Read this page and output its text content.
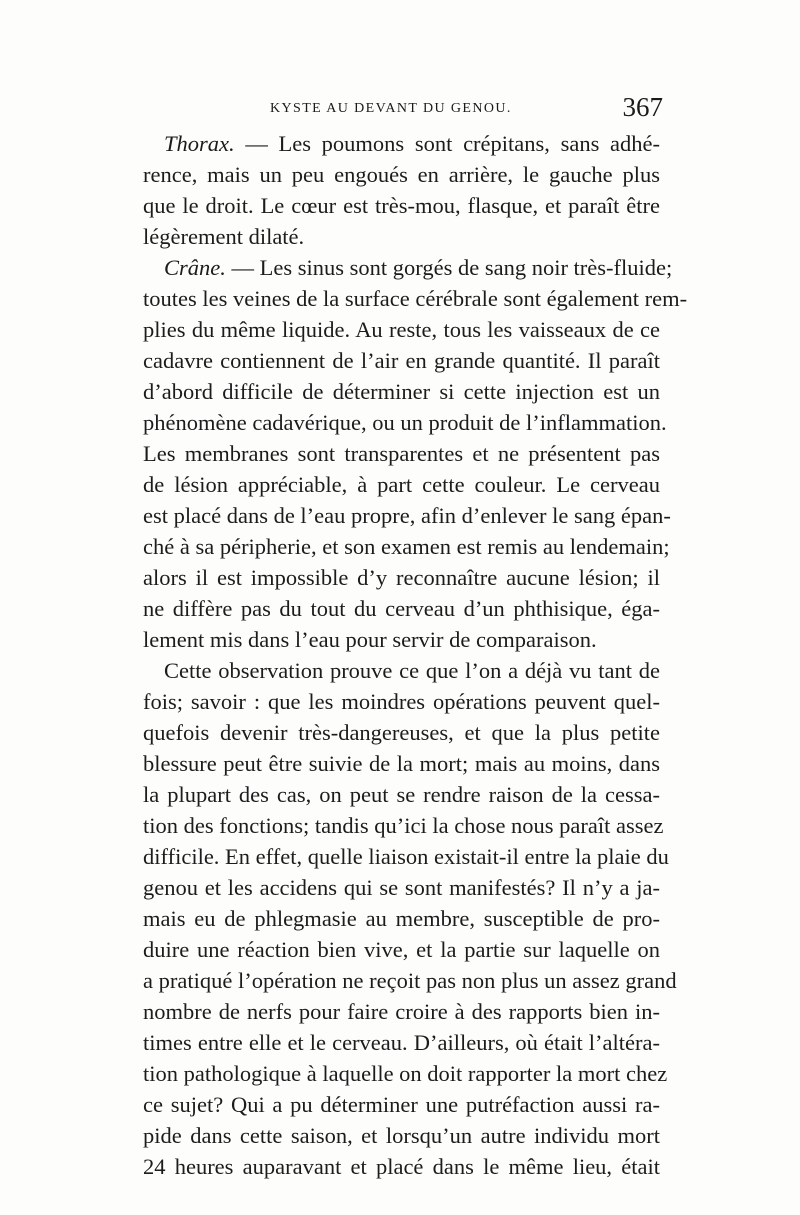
KYSTE AU DEVANT DU GENOU.	367
Thorax. — Les poumons sont crépitans, sans adhé-
rence, mais un peu engoués en arrière, le gauche plus
que le droit. Le cœur est très-mou, flasque, et paraît être
légèrement dilaté.
Crâne. — Les sinus sont gorgés de sang noir très-fluide;
toutes les veines de la surface cérébrale sont également rem-
plies du même liquide. Au reste, tous les vaisseaux de ce
cadavre contiennent de l’air en grande quantité. Il paraît
d’abord difficile de déterminer si cette injection est un
phénomène cadavérique, ou un produit de l’inflammation.
Les membranes sont transparentes et ne présentent pas
de lésion appréciable, à part cette couleur. Le cerveau
est placé dans de l’eau propre, afin d’enlever le sang épan-
ché à sa péripherie, et son examen est remis au lendemain;
alors il est impossible d’y reconnaître aucune lésion; il
ne diffère pas du tout du cerveau d’un phthisique, éga-
lement mis dans l’eau pour servir de comparaison.
Cette observation prouve ce que l’on a déjà vu tant de
fois; savoir : que les moindres opérations peuvent quel-
quefois devenir très-dangereuses, et que la plus petite
blessure peut être suivie de la mort; mais au moins, dans
la plupart des cas, on peut se rendre raison de la cessa-
tion des fonctions; tandis qu’ici la chose nous paraît assez
difficile. En effet, quelle liaison existait-il entre la plaie du
genou et les accidens qui se sont manifestés? Il n’y a ja-
mais eu de phlegmasie au membre, susceptible de pro-
duire une réaction bien vive, et la partie sur laquelle on
a pratiqué l’opération ne reçoit pas non plus un assez grand
nombre de nerfs pour faire croire à des rapports bien in-
times entre elle et le cerveau. D’ailleurs, où était l’altéra-
tion pathologique à laquelle on doit rapporter la mort chez
ce sujet? Qui a pu déterminer une putréfaction aussi ra-
pide dans cette saison, et lorsqu’un autre individu mort
24 heures auparavant et placé dans le même lieu, était
